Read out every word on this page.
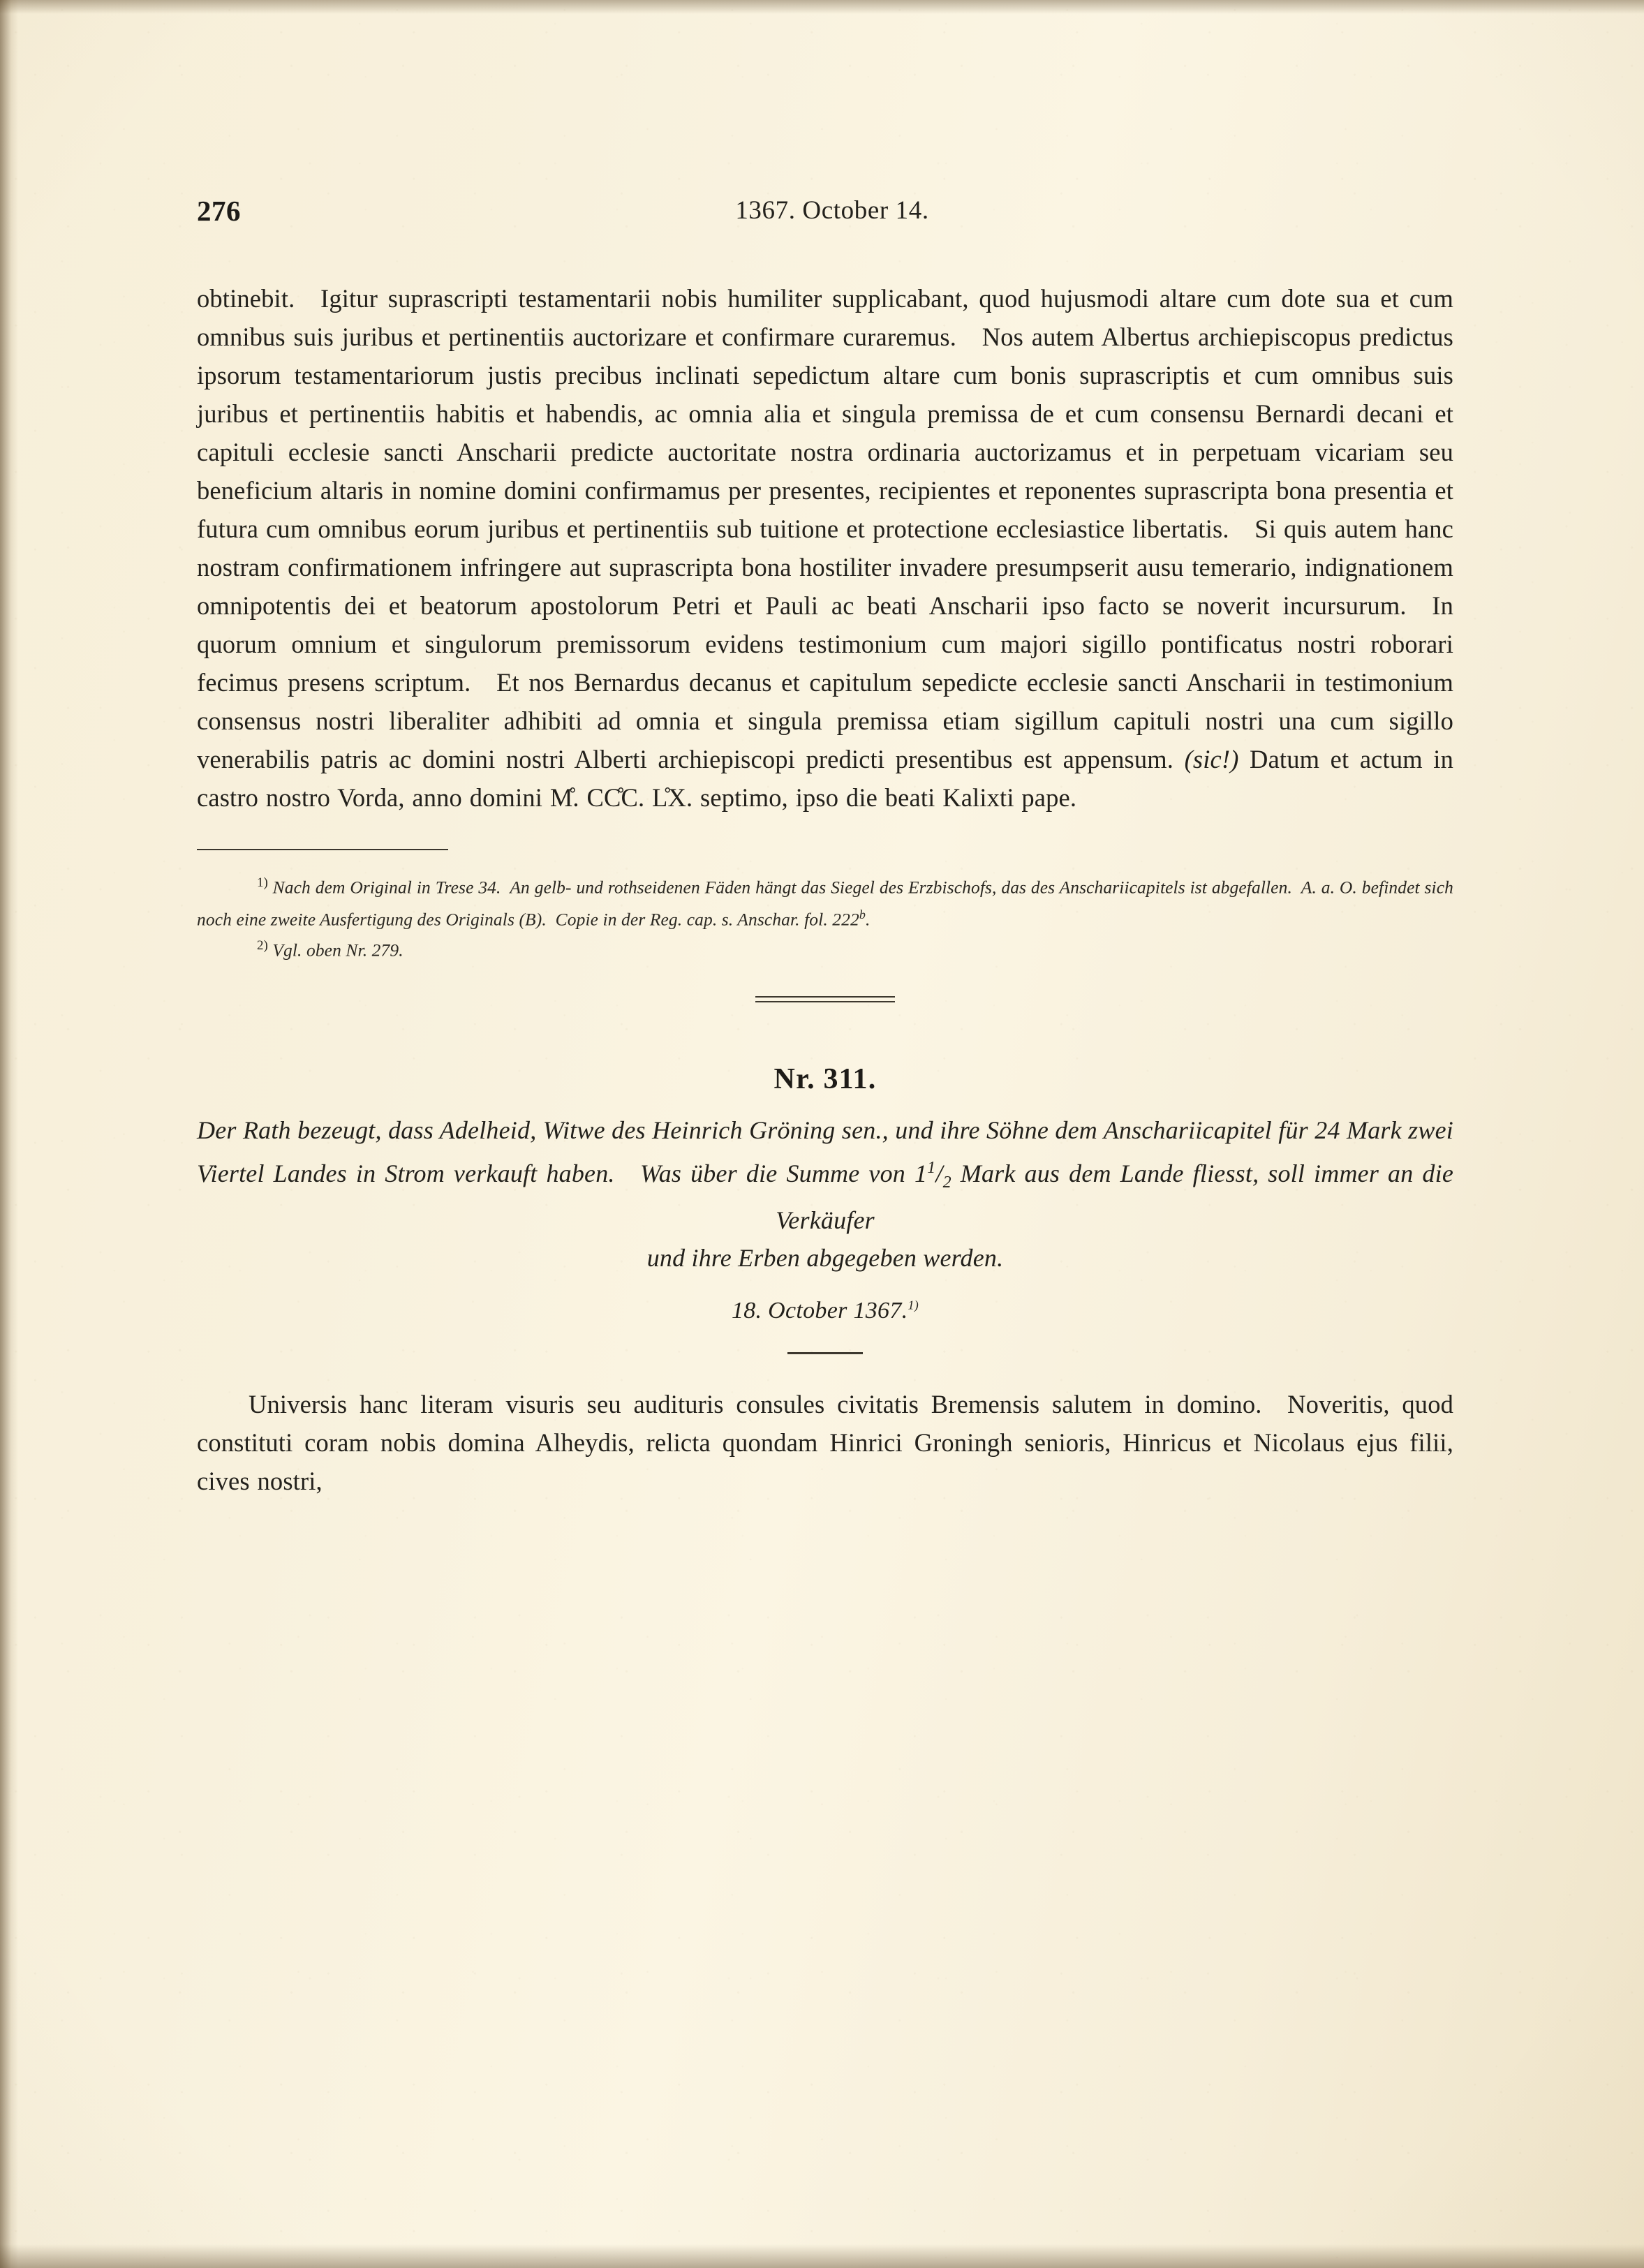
276	1367. October 14.
obtinebit. Igitur suprascripti testamentarii nobis humiliter supplicabant, quod hujusmodi altare cum dote sua et cum omnibus suis juribus et pertinentiis auctorizare et confirmare curaremus. Nos autem Albertus archiepiscopus predictus ipsorum testamentariorum justis precibus inclinati sepedictum altare cum bonis suprascriptis et cum omnibus suis juribus et pertinentiis habitis et habendis, ac omnia alia et singula premissa de et cum consensu Bernardi decani et capituli ecclesie sancti Anscharii predicte auctoritate nostra ordinaria auctorizamus et in perpetuam vicariam seu beneficium altaris in nomine domini confirmamus per presentes, recipientes et reponentes suprascripta bona presentia et futura cum omnibus eorum juribus et pertinentiis sub tuitione et protectione ecclesiastice libertatis. Si quis autem hanc nostram confirmationem infringere aut suprascripta bona hostiliter invadere presumpserit ausu temerario, indignationem omnipotentis dei et beatorum apostolorum Petri et Pauli ac beati Anscharii ipso facto se noverit incursurum. In quorum omnium et singulorum premissorum evidens testimonium cum majori sigillo pontificatus nostri roborari fecimus presens scriptum. Et nos Bernardus decanus et capitulum sepedicte ecclesie sancti Anscharii in testimonium consensus nostri liberaliter adhibiti ad omnia et singula premissa etiam sigillum capituli nostri una cum sigillo venerabilis patris ac domini nostri Alberti archiepiscopi predicti presentibus est appensum. (sic!) Datum et actum in castro nostro Vorda, anno domini M̊. CC̊C. L̊X. septimo, ipso die beati Kalixti pape.

$^{1)}$ Nach dem Original in Trese 34. An gelb- und rothseidenen Fäden hängt das Siegel des Erzbischofs, das des Anschariicapitels ist abgefallen. A. a. O. befindet sich noch eine zweite Ausfertigung des Originals (B). Copie in der Reg. cap. s. Anschar. fol. 222$^b$.

$^{2)}$ Vgl. oben Nr. 279.

Nr. 311.
Der Rath bezeugt, dass Adelheid, Witwe des Heinrich Gröning sen., und ihre Söhne dem Anschariicapitel für 24 Mark zwei Viertel Landes in Strom verkauft haben. Was über die Summe von $1^1/_2$ Mark aus dem Lande fliesst, soll immer an die Verkäufer
und ihre Erben abgegeben werden.
18. October 1367.$^{1)}$
Universis hanc literam visuris seu audituris consules civitatis Bremensis salutem in domino. Noveritis, quod constituti coram nobis domina Alheydis, relicta quondam Hinrici Groningh senioris, Hinricus et Nicolaus ejus filii, cives nostri,
